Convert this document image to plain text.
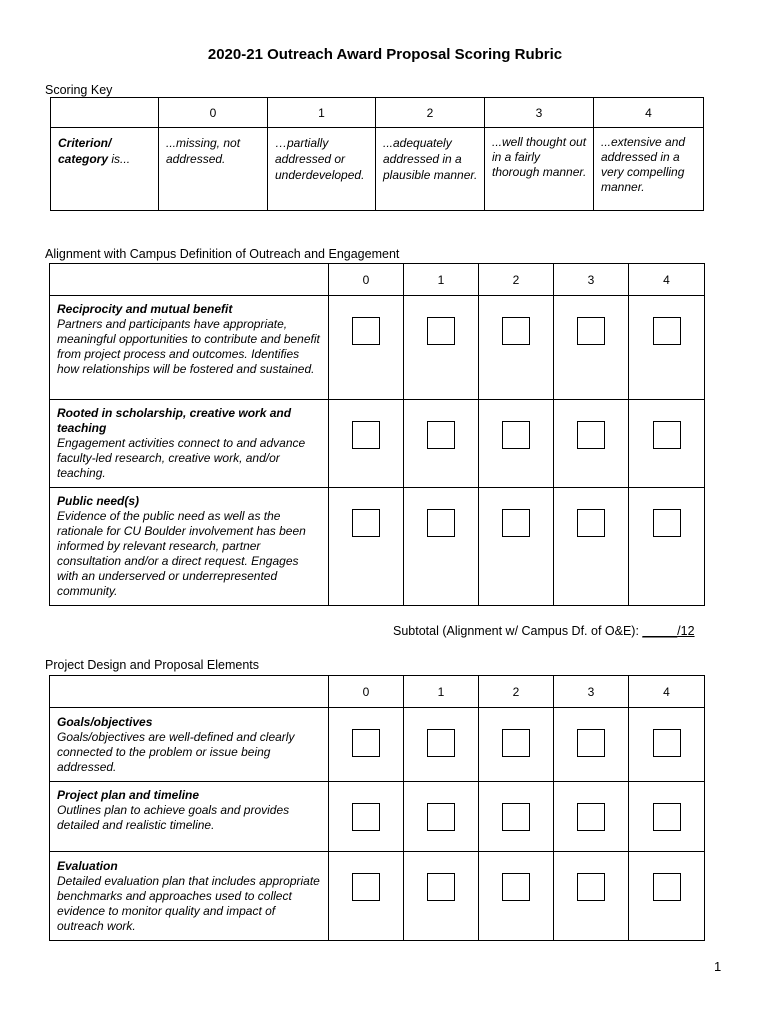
2020-21 Outreach Award Proposal Scoring Rubric
Scoring Key
	0	1	2	3	4
Criterion/ category is...	...missing, not addressed.	…partially addressed or underdeveloped.	...adequately addressed in a plausible manner.	...well thought out in a fairly thorough manner.	...extensive and addressed in a very compelling manner.
Alignment with Campus Definition of Outreach and Engagement
	0	1	2	3	4

Reciprocity and mutual benefit
Partners and participants have appropriate, meaningful opportunities to contribute and benefit from project process and outcomes. Identifies how relationships will be fostered and sustained.					

Rooted in scholarship, creative work and teaching
Engagement activities connect to and advance faculty-led research, creative work, and/or teaching.					

Public need(s)
Evidence of the public need as well as the rationale for CU Boulder involvement has been informed by relevant research, partner consultation and/or a direct request. Engages with an underserved or underrepresented community.					

Subtotal (Alignment w/ Campus Df. of O&E): _____/12
Project Design and Proposal Elements
	0	1	2	3	4

Goals/objectives
Goals/objectives are well-defined and clearly connected to the problem or issue being addressed.					

Project plan and timeline
Outlines plan to achieve goals and provides detailed and realistic timeline.					

Evaluation
Detailed evaluation plan that includes appropriate benchmarks and approaches used to collect evidence to monitor quality and impact of outreach work.					

1
